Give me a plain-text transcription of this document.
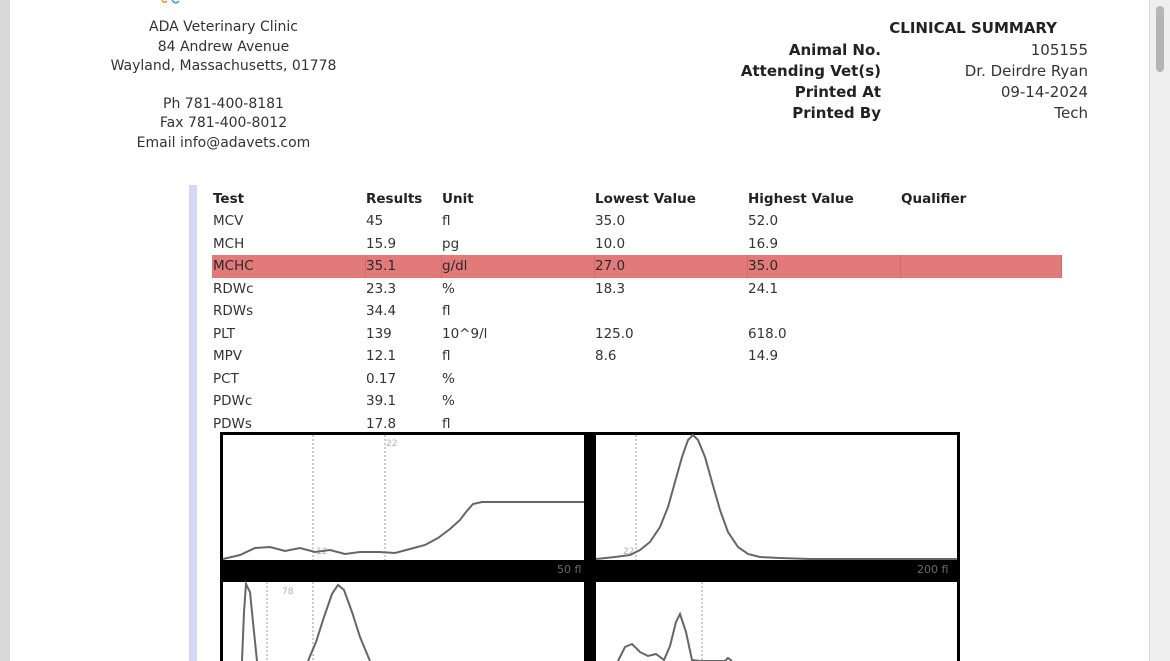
ADA Veterinary Clinic
84 Andrew Avenue
Wayland, Massachusetts, 01778
Ph 781-400-8181
Fax 781-400-8012
Email info@adavets.com
CLINICAL SUMMARY
Animal No.	105155
Attending Vet(s)	Dr. Deirdre Ryan
Printed At	09-14-2024
Printed By	Tech
Test	Results	Unit	Lowest Value	Highest Value	Qualifier
MCV	45	fl	35.0	52.0
MCH	15.9	pg	10.0	16.9
MCHC	35.1	g/dl	27.0	35.0
RDWc	23.3	%	18.3	24.1
RDWs	34.4	fl
PLT	139	10^9/l	125.0	618.0
MPV	12.1	fl	8.6	14.9
PCT	0.17	%
PDWc	39.1	%
PDWs	17.8	fl
22
12	22
50 fl	200 fl
78
